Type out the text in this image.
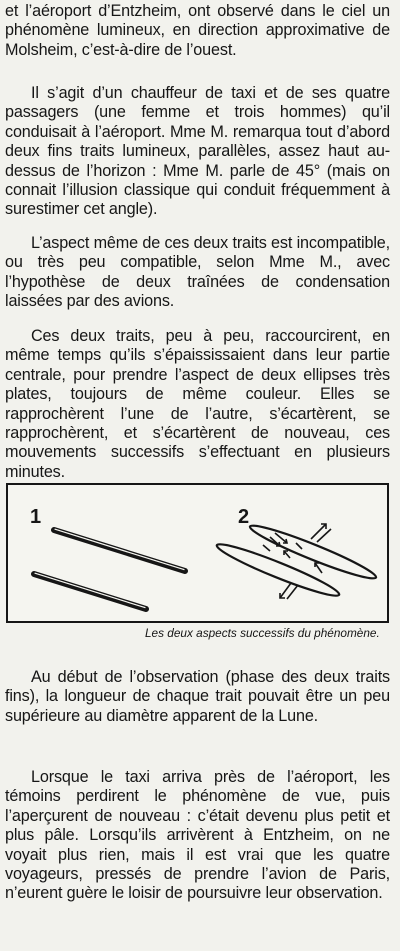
et l’aéroport d’Entzheim, ont observé dans le ciel un phénomène lumineux, en direction approximative de Molsheim, c’est-à-dire de l’ouest.

Il s’agit d’un chauffeur de taxi et de ses quatre passagers (une femme et trois hommes) qu’il conduisait à l’aéroport. Mme M. remarqua tout d’abord deux fins traits lumineux, parallèles, assez haut au-dessus de l’horizon : Mme M. parle de 45° (mais on connait l’illusion classique qui conduit fréquemment à surestimer cet angle).

L’aspect même de ces deux traits est incompatible, ou très peu compatible, selon Mme M., avec l’hypothèse de deux traînées de condensation laissées par des avions.

Ces deux traits, peu à peu, raccourcirent, en même temps qu’ils s’épaississaient dans leur partie centrale, pour prendre l’aspect de deux ellipses très plates, toujours de même couleur. Elles se rapprochèrent l’une de l’autre, s’écartèrent, se rapprochèrent, et s’écartèrent de nouveau, ces mouvements successifs s’effectuant en plusieurs minutes.

1	2

Les deux aspects successifs du phénomène.

Au début de l’observation (phase des deux traits fins), la longueur de chaque trait pouvait être un peu supérieure au diamètre apparent de la Lune.

Lorsque le taxi arriva près de l’aéroport, les témoins perdirent le phénomène de vue, puis l’aperçurent de nouveau : c’était devenu plus petit et plus pâle. Lorsqu’ils arrivèrent à Entzheim, on ne voyait plus rien, mais il est vrai que les quatre voyageurs, pressés de prendre l’avion de Paris, n’eurent guère le loisir de poursuivre leur observation.
